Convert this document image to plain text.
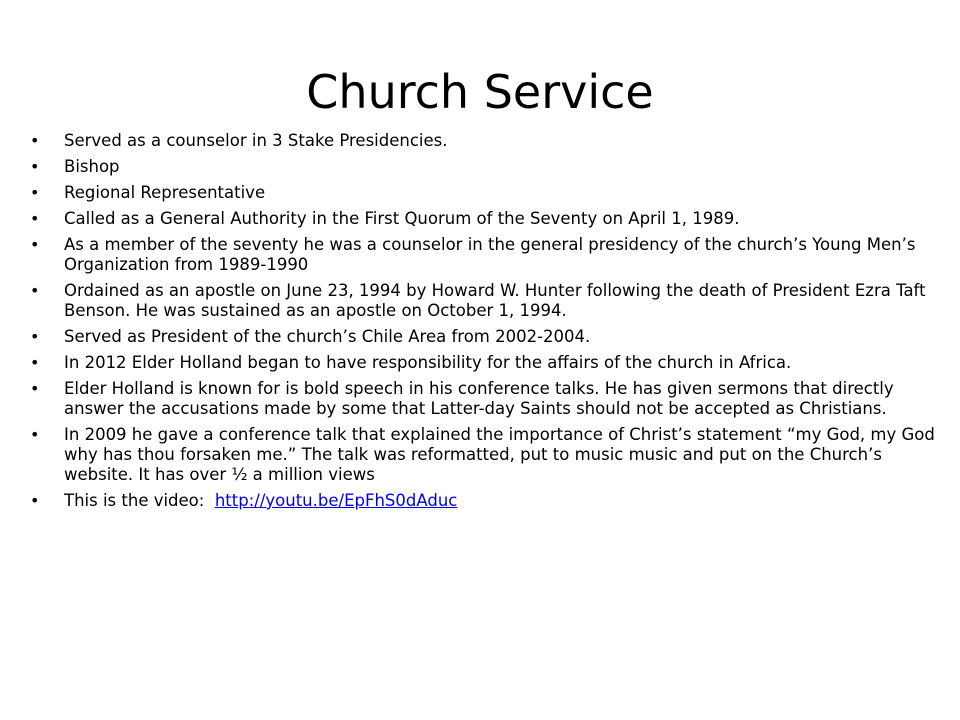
Church Service
•	Served as a counselor in 3 Stake Presidencies.
•	Bishop
•	Regional Representative
•	Called as a General Authority in the First Quorum of the Seventy on April 1, 1989.
•	As a member of the seventy he was a counselor in the general presidency of the church’s Young Men’s Organization from 1989-1990
•	Ordained as an apostle on June 23, 1994 by Howard W. Hunter following the death of President Ezra Taft Benson. He was sustained as an apostle on October 1, 1994.
•	Served as President of the church’s Chile Area from 2002-2004.
•	In 2012 Elder Holland began to have responsibility for the affairs of the church in Africa.
•	Elder Holland is known for is bold speech in his conference talks. He has given sermons that directly answer the accusations made by some that Latter-day Saints should not be accepted as Christians.
•	In 2009 he gave a conference talk that explained the importance of Christ’s statement “my God, my God why has thou forsaken me.” The talk was reformatted, put to music music and put on the Church’s website. It has over ½ a million views
•	This is the video:  http://youtu.be/EpFhS0dAduc
